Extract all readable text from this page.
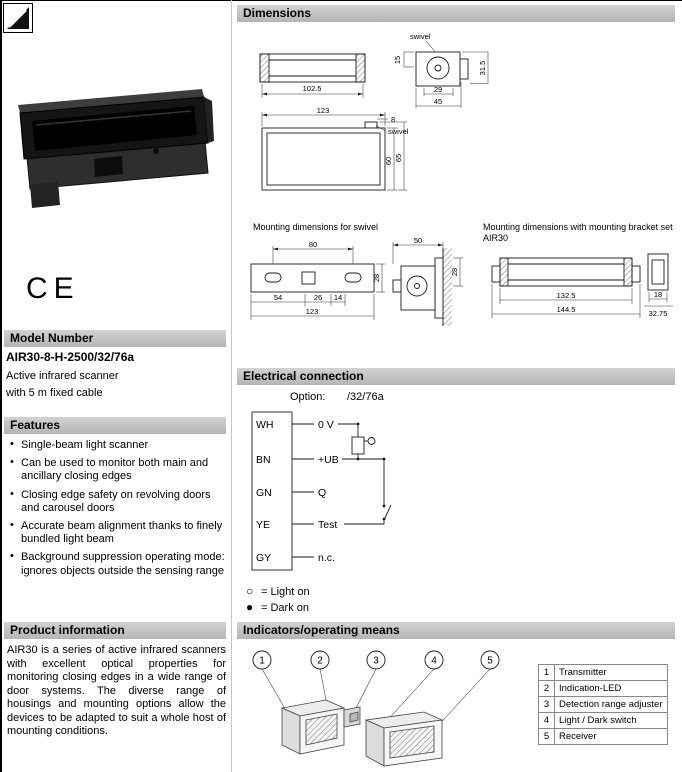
CE
Model Number
AIR30-8-H-2500/32/76a
Active infrared scanner
with 5 m fixed cable
Features
• Single-beam light scanner
• Can be used to monitor both main and ancillary closing edges
• Closing edge safety on revolving doors and carousel doors
• Accurate beam alignment thanks to finely bundled light beam
• Background suppression operating mode: ignores objects outside the sensing range
Product information
AIR30 is a series of active infrared scanners with excellent optical properties for monitoring closing edges in a wide range of door systems. The diverse range of housings and mounting options allow the devices to be adapted to suit a whole host of mounting conditions.
Dimensions
102.5
swivel
15
31.5
29
45
123
8
swivel
60 65
Mounting dimensions for swivel	Mounting dimensions with mounting bracket set AIR30
80
54	26 14
123
28
50
28
132.5
144.5
18
32.75
Electrical connection
Option: /32/76a
WH	0 V
BN	+UB
GN	Q
YE	Test
GY	n.c.
○ = Light on
● = Dark on
Indicators/operating means
1	2	3	4	5
1	Transmitter
2	Indication-LED
3	Detection range adjuster
4	Light / Dark switch
5	Receiver
